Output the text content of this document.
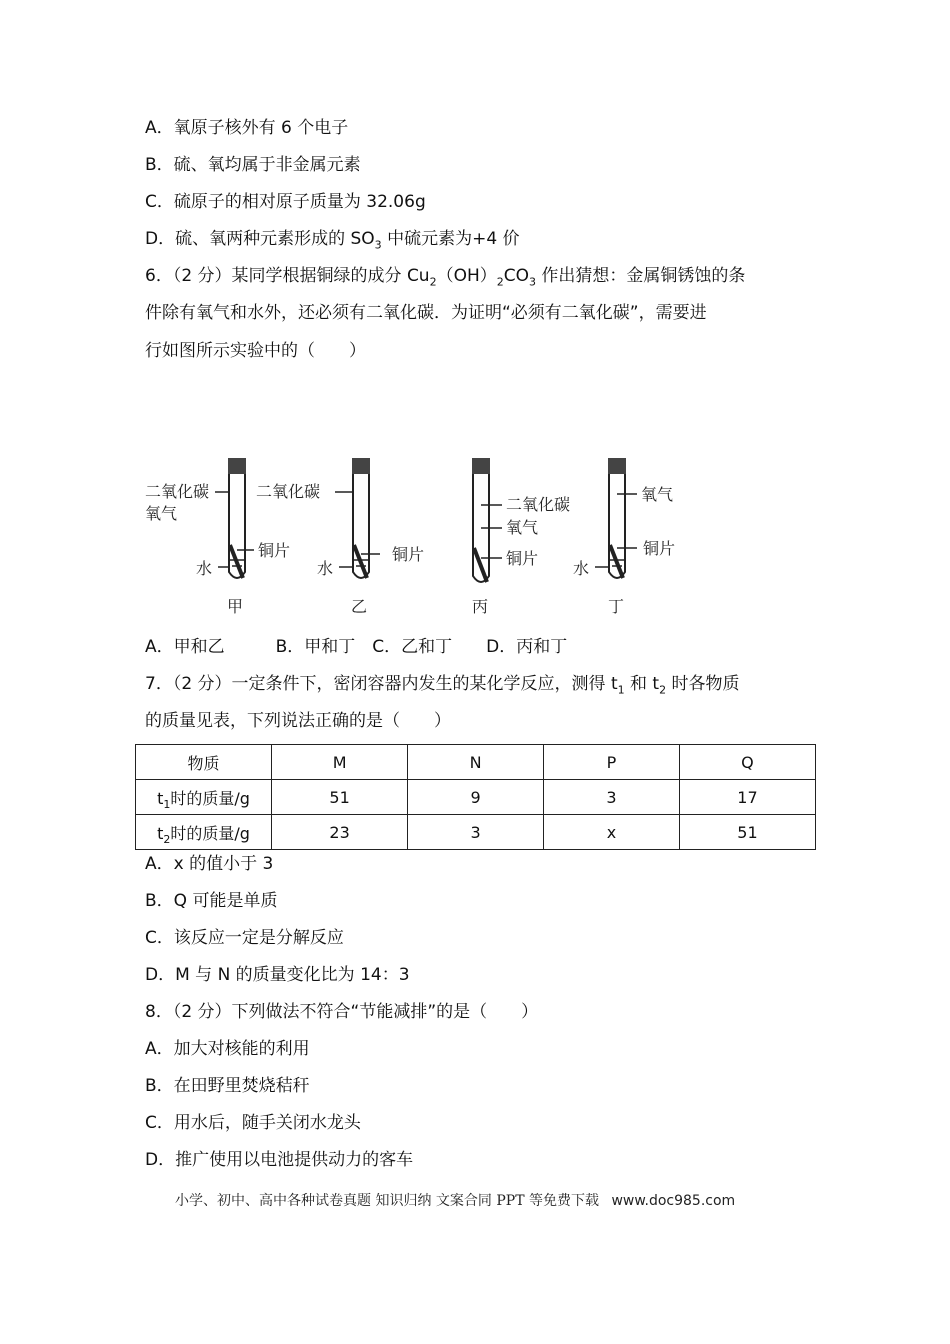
A．氧原子核外有 6 个电子
B．硫、氧均属于非金属元素
C．硫原子的相对原子质量为 32.06g
D．硫、氧两种元素形成的 $SO_3$ 中硫元素为+4 价
6．（2 分）某同学根据铜绿的成分 $Cu_2(OH)_2CO_3$ 作出猜想：金属铜锈蚀的条
件除有氧气和水外，还必须有二氧化碳．为证明“必须有二氧化碳”，需要进
行如图所示实验中的（　　）
二氧化碳
氧气
铜片
水
甲
二氧化碳
铜片
水
乙
二氧化碳
氧气
铜片
丙
氧气
铜片
水
丁
A．甲和乙　　　B．甲和丁　C．乙和丁　　D．丙和丁
7．（2 分）一定条件下，密闭容器内发生的某化学反应，测得 $t_1$ 和 $t_2$ 时各物质
的质量见表，下列说法正确的是（　　）
物质	M	N	P	Q
$t_1$时的质量/g	51	9	3	17
$t_2$时的质量/g	23	3	x	51
A．x 的值小于 3
B．Q 可能是单质
C．该反应一定是分解反应
D．M 与 N 的质量变化比为 14：3
8．（2 分）下列做法不符合“节能减排”的是（　　）
A．加大对核能的利用
B．在田野里焚烧秸秆
C．用水后，随手关闭水龙头
D．推广使用以电池提供动力的客车
小学、初中、高中各种试卷真题 知识归纳 文案合同 PPT 等免费下载 www.doc985.com
